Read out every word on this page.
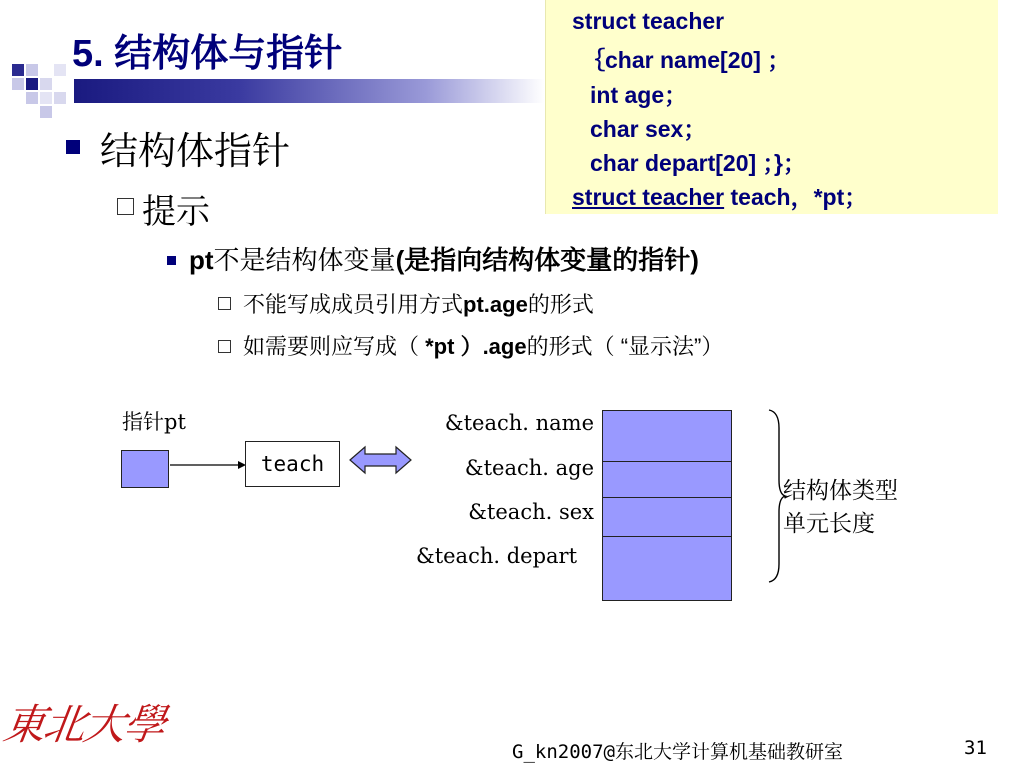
5. 结构体与指针
struct teacher
｛char name[20] ；
int age；
char sex；
char depart[20] ；}；
struct teacher teach，*pt；
结构体指针
提示
pt不是结构体变量(是指向结构体变量的指针)
不能写成成员引用方式pt.age的形式
如需要则应写成（ *pt ）.age的形式（ “显示法”）
指针pt
teach
&teach. name
&teach. age
&teach. sex
&teach. depart
结构体类型
单元长度
東北大學
G_kn2007@东北大学计算机基础教研室	31
